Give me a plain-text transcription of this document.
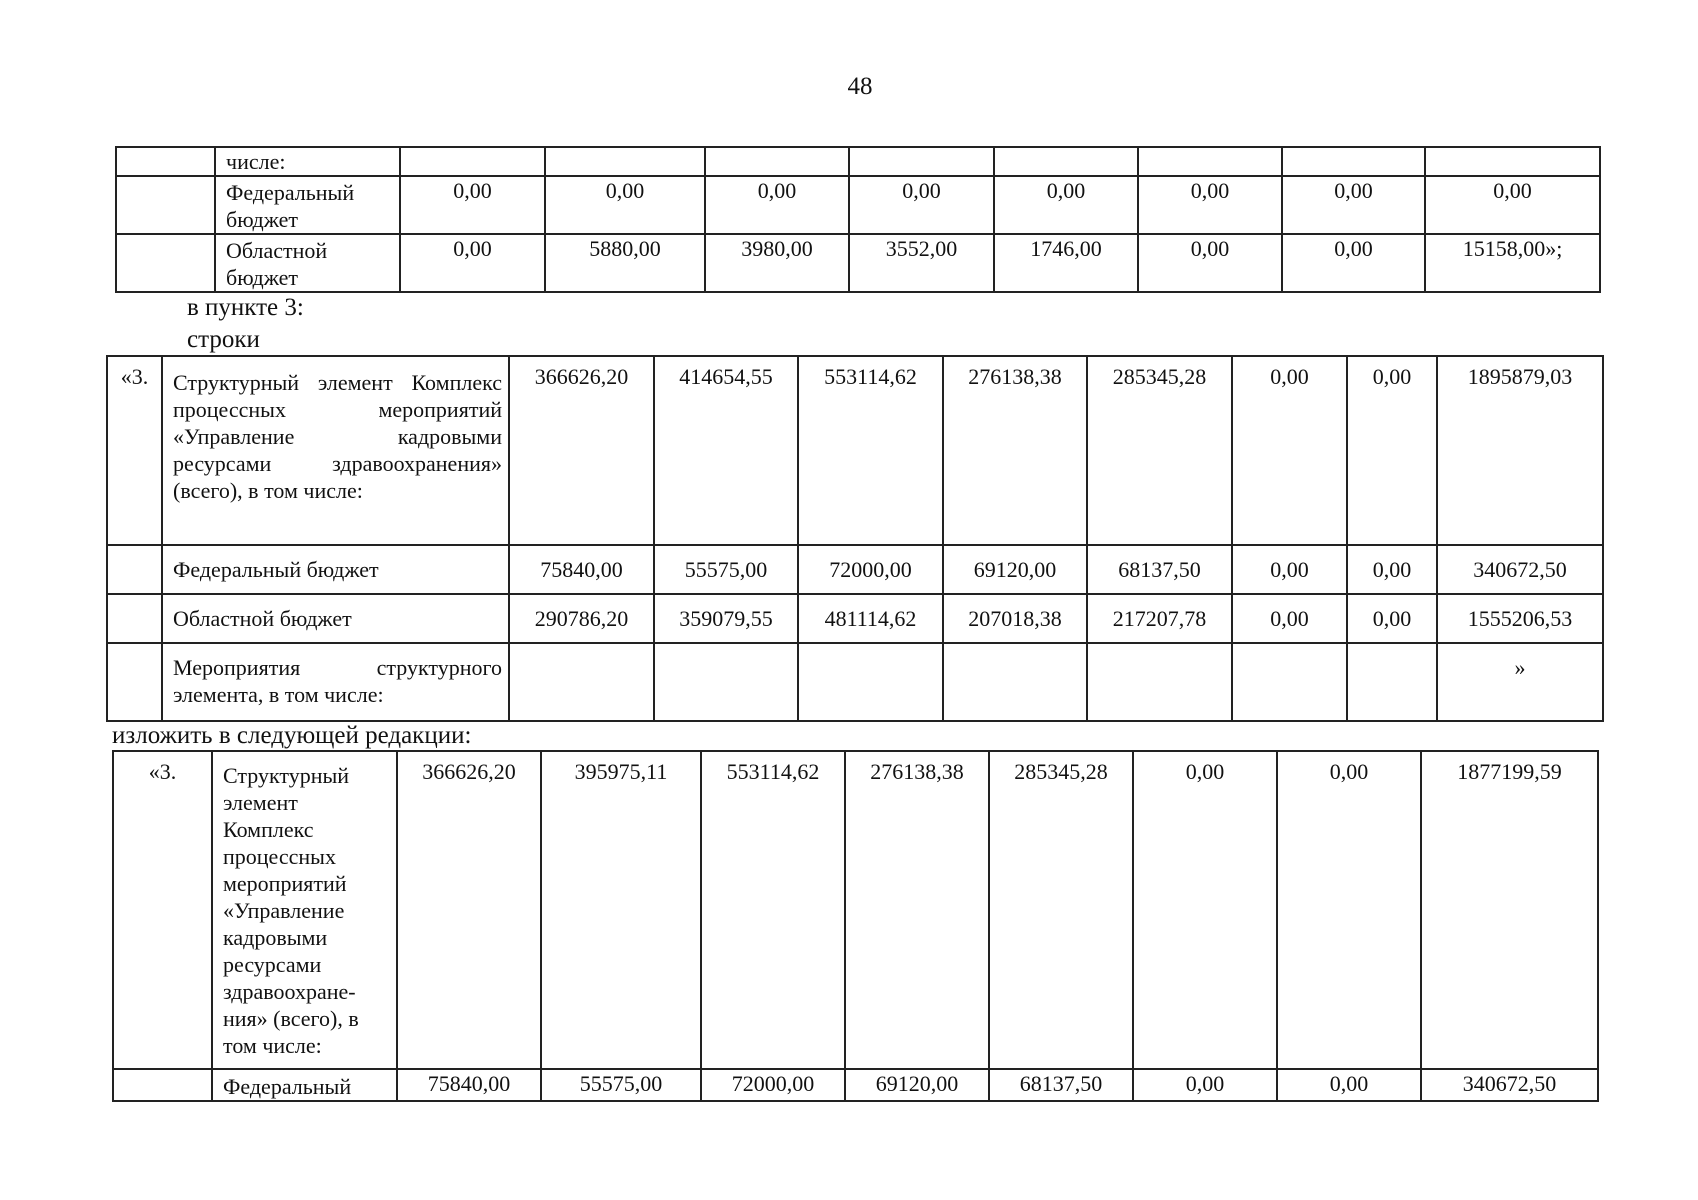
48
	числе:								
	Федеральный бюджет	0,00	0,00	0,00	0,00	0,00	0,00	0,00	0,00
	Областной бюджет	0,00	5880,00	3980,00	3552,00	1746,00	0,00	0,00	15158,00»;
в пункте 3:
строки
«3.	Структурный элемент Комплекс процессных мероприятий «Управление кадровыми ресурсами здравоохранения» (всего), в том числе:	366626,20	414654,55	553114,62	276138,38	285345,28	0,00	0,00	1895879,03
	Федеральный бюджет	75840,00	55575,00	72000,00	69120,00	68137,50	0,00	0,00	340672,50
	Областной бюджет	290786,20	359079,55	481114,62	207018,38	217207,78	0,00	0,00	1555206,53
	Мероприятия структурного элемента, в том числе:								»
изложить в следующей редакции:
«3.	Структурный элемент Комплекс процессных мероприятий «Управление кадровыми ресурсами здравоохране-ния» (всего), в том числе:	366626,20	395975,11	553114,62	276138,38	285345,28	0,00	0,00	1877199,59
	Федеральный	75840,00	55575,00	72000,00	69120,00	68137,50	0,00	0,00	340672,50
